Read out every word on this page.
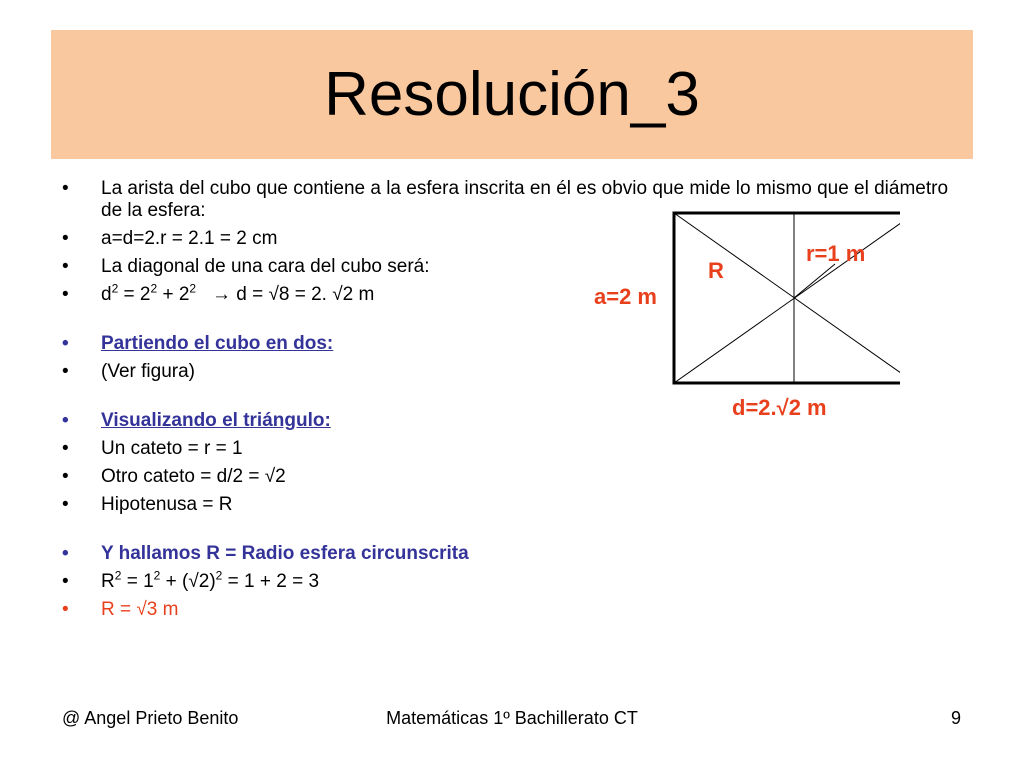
Resolución_3
• La arista del cubo que contiene a la esfera inscrita en él es obvio que mide lo mismo que el diámetro de la esfera:
• a=d=2.r = 2.1 = 2 cm
• La diagonal de una cara del cubo será:
• $d^2 = 2^2 + 2^2 \to d = √8 = 2$. √2 m
• Partiendo el cubo en dos:
• (Ver figura)
• Visualizando el triángulo:
• Un cateto = r = 1
• Otro cateto = d/2 = √2
• Hipotenusa = R
• Y hallamos R = Radio esfera circunscrita
• $R^2 = 1^2 + (√2)^2 = 1 + 2 = 3$
• R = √3 m
r=1 m
R
a=2 m
d=2.√2 m
@ Angel Prieto Benito	Matemáticas 1º Bachillerato CT	9
